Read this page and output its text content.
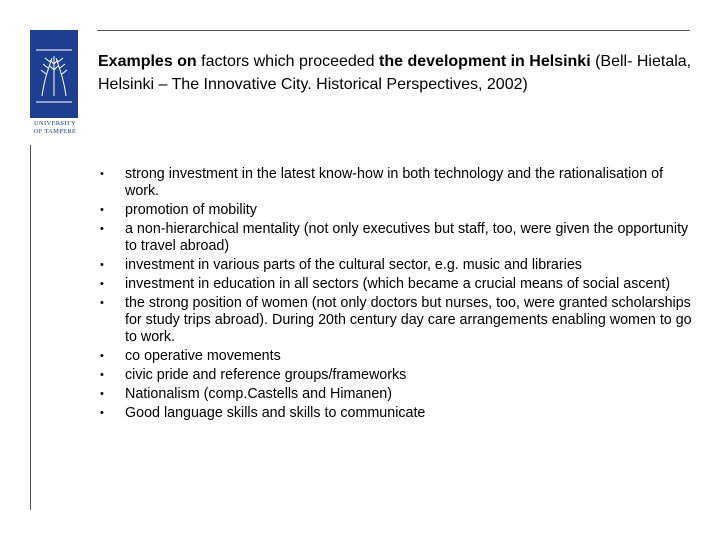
UNIVERSITY
OF TAMPERE
Examples on factors which proceeded the development in Helsinki (Bell- Hietala, Helsinki – The Innovative City. Historical Perspectives, 2002)
• strong investment in the latest know-how in both technology and the rationalisation of work.
• promotion of mobility
• a non-hierarchical mentality (not only executives but staff, too, were given the opportunity to travel abroad)
• investment in various parts of the cultural sector, e.g. music and libraries
• investment in education in all sectors (which became a crucial means of social ascent)
• the strong position of women (not only doctors but nurses, too, were granted scholarships for study trips abroad). During 20th century day care arrangements enabling women to go to work.
• co operative movements
• civic pride and reference groups/frameworks
• Nationalism (comp.Castells and Himanen)
• Good language skills and skills to communicate
